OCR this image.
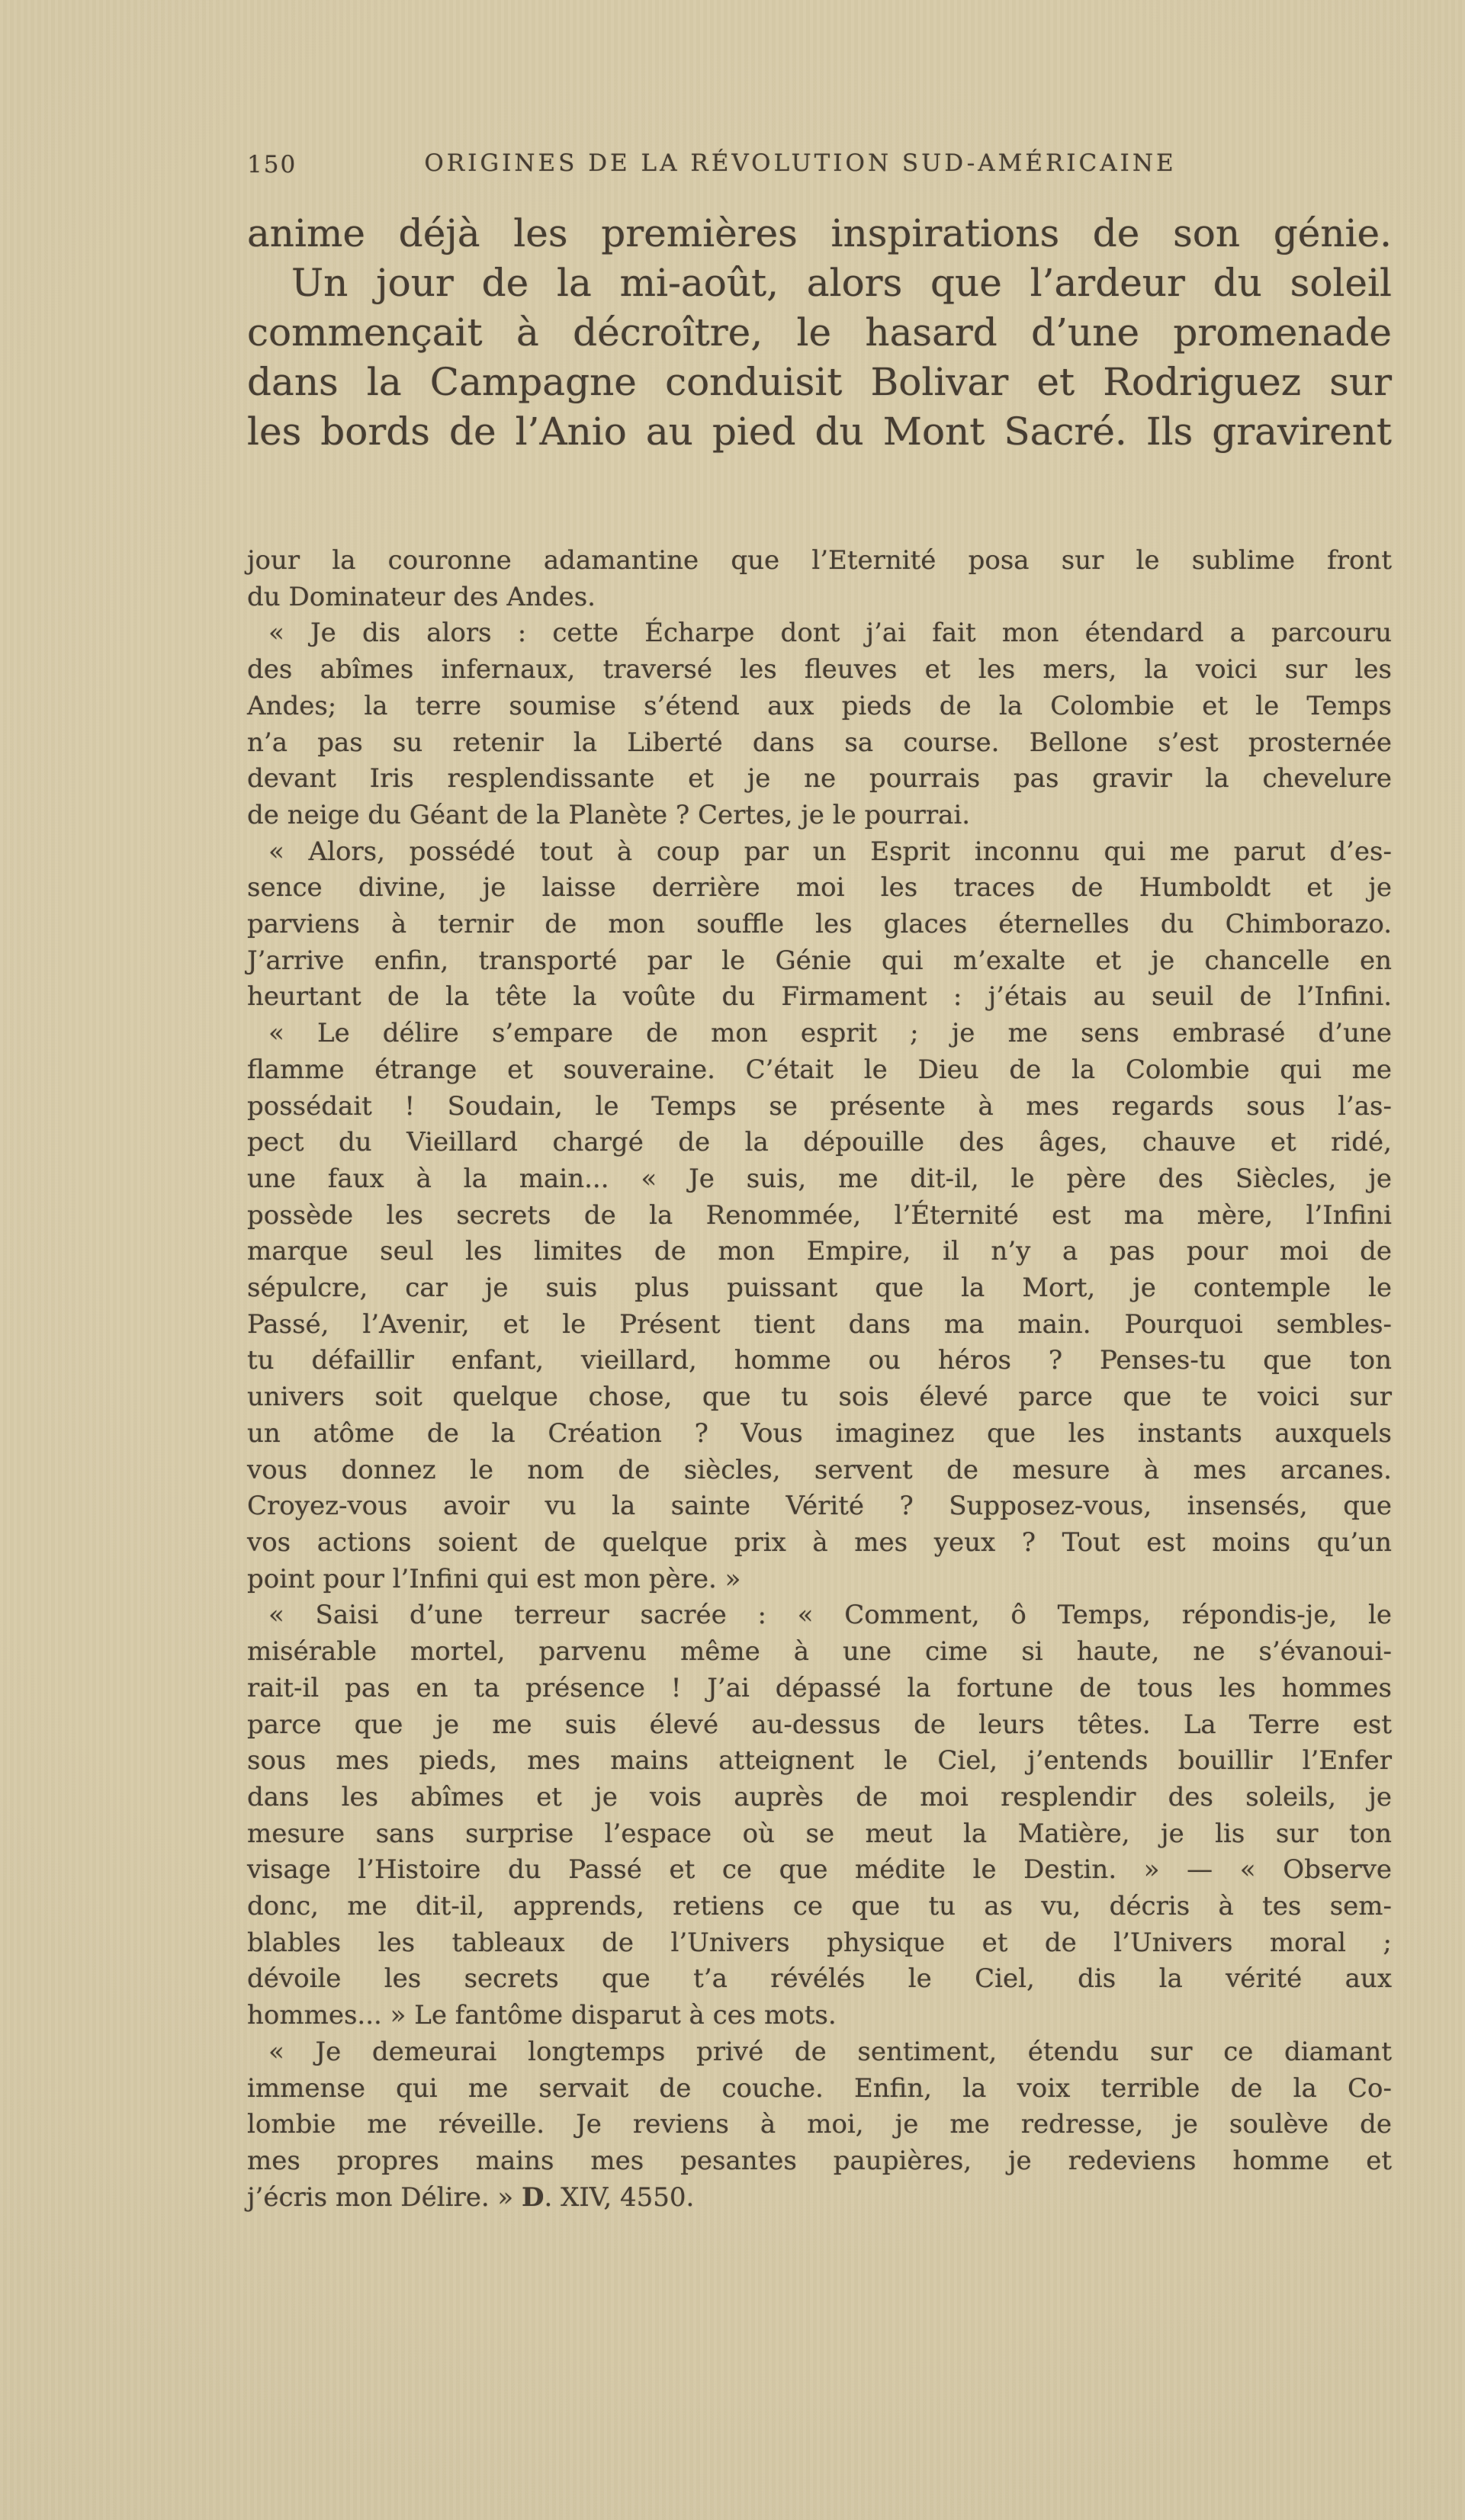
150	ORIGINES DE LA RÉVOLUTION SUD-AMÉRICAINE
anime déjà les premières inspirations de son génie.
Un jour de la mi-août, alors que l’ardeur du soleil
commençait à décroître, le hasard d’une promenade
dans la Campagne conduisit Bolivar et Rodriguez sur
les bords de l’Anio au pied du Mont Sacré. Ils gravirent
jour la couronne adamantine que l’Eternité posa sur le sublime front
du Dominateur des Andes.
« Je dis alors : cette Écharpe dont j’ai fait mon étendard a parcouru
des abîmes infernaux, traversé les fleuves et les mers, la voici sur les
Andes; la terre soumise s’étend aux pieds de la Colombie et le Temps
n’a pas su retenir la Liberté dans sa course. Bellone s’est prosternée
devant Iris resplendissante et je ne pourrais pas gravir la chevelure
de neige du Géant de la Planète ? Certes, je le pourrai.
« Alors, possédé tout à coup par un Esprit inconnu qui me parut d’es-
sence divine, je laisse derrière moi les traces de Humboldt et je
parviens à ternir de mon souffle les glaces éternelles du Chimborazo.
J’arrive enfin, transporté par le Génie qui m’exalte et je chancelle en
heurtant de la tête la voûte du Firmament : j’étais au seuil de l’Infini.
« Le délire s’empare de mon esprit ; je me sens embrasé d’une
flamme étrange et souveraine. C’était le Dieu de la Colombie qui me
possédait ! Soudain, le Temps se présente à mes regards sous l’as-
pect du Vieillard chargé de la dépouille des âges, chauve et ridé,
une faux à la main... « Je suis, me dit-il, le père des Siècles, je
possède les secrets de la Renommée, l’Éternité est ma mère, l’Infini
marque seul les limites de mon Empire, il n’y a pas pour moi de
sépulcre, car je suis plus puissant que la Mort, je contemple le
Passé, l’Avenir, et le Présent tient dans ma main. Pourquoi sembles-
tu défaillir enfant, vieillard, homme ou héros ? Penses-tu que ton
univers soit quelque chose, que tu sois élevé parce que te voici sur
un atôme de la Création ? Vous imaginez que les instants auxquels
vous donnez le nom de siècles, servent de mesure à mes arcanes.
Croyez-vous avoir vu la sainte Vérité ? Supposez-vous, insensés, que
vos actions soient de quelque prix à mes yeux ? Tout est moins qu’un
point pour l’Infini qui est mon père. »
« Saisi d’une terreur sacrée : « Comment, ô Temps, répondis-je, le
misérable mortel, parvenu même à une cime si haute, ne s’évanoui-
rait-il pas en ta présence ! J’ai dépassé la fortune de tous les hommes
parce que je me suis élevé au-dessus de leurs têtes. La Terre est
sous mes pieds, mes mains atteignent le Ciel, j’entends bouillir l’Enfer
dans les abîmes et je vois auprès de moi resplendir des soleils, je
mesure sans surprise l’espace où se meut la Matière, je lis sur ton
visage l’Histoire du Passé et ce que médite le Destin. » — « Observe
donc, me dit-il, apprends, retiens ce que tu as vu, décris à tes sem-
blables les tableaux de l’Univers physique et de l’Univers moral ;
dévoile les secrets que t’a révélés le Ciel, dis la vérité aux
hommes... » Le fantôme disparut à ces mots.
« Je demeurai longtemps privé de sentiment, étendu sur ce diamant
immense qui me servait de couche. Enfin, la voix terrible de la Co-
lombie me réveille. Je reviens à moi, je me redresse, je soulève de
mes propres mains mes pesantes paupières, je redeviens homme et
j’écris mon Délire. » D. XIV, 4550.
